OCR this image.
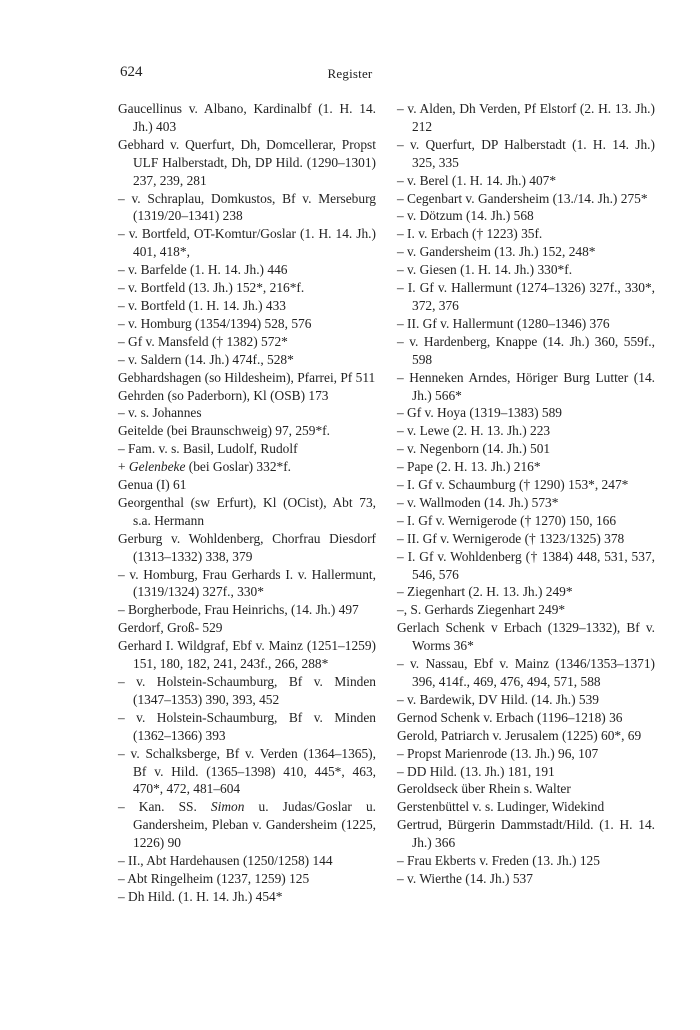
624	Register

Gaucellinus v. Albano, Kardinalbf (1. H. 14. Jh.) 403

Gebhard v. Querfurt, Dh, Domcellerar, Propst ULF Halberstadt, Dh, DP Hild. (1290–1301) 237, 239, 281

– v. Schraplau, Domkustos, Bf v. Merseburg (1319/20–1341) 238

– v. Bortfeld, OT-Komtur/Goslar (1. H. 14. Jh.) 401, 418*,

– v. Barfelde (1. H. 14. Jh.) 446

– v. Bortfeld (13. Jh.) 152*, 216*f.

– v. Bortfeld (1. H. 14. Jh.) 433

– v. Homburg (1354/1394) 528, 576

– Gf v. Mansfeld († 1382) 572*

– v. Saldern (14. Jh.) 474f., 528*

Gebhardshagen (so Hildesheim), Pfarrei, Pf 511

Gehrden (so Paderborn), Kl (OSB) 173

– v. s. Johannes

Geitelde (bei Braunschweig) 97, 259*f.

– Fam. v. s. Basil, Ludolf, Rudolf

+ Gelenbeke (bei Goslar) 332*f.

Genua (I) 61

Georgenthal (sw Erfurt), Kl (OCist), Abt 73, s.a. Hermann

Gerburg v. Wohldenberg, Chorfrau Diesdorf (1313–1332) 338, 379

– v. Homburg, Frau Gerhards I. v. Hallermunt, (1319/1324) 327f., 330*

– Borgherbode, Frau Heinrichs, (14. Jh.) 497

Gerdorf, Groß- 529

Gerhard I. Wildgraf, Ebf v. Mainz (1251–1259) 151, 180, 182, 241, 243f., 266, 288*

– v. Holstein-Schaumburg, Bf v. Minden (1347–1353) 390, 393, 452

– v. Holstein-Schaumburg, Bf v. Minden (1362–1366) 393

– v. Schalksberge, Bf v. Verden (1364–1365), Bf v. Hild. (1365–1398) 410, 445*, 463, 470*, 472, 481–604

– Kan. SS. Simon u. Judas/Goslar u. Gandersheim, Pleban v. Gandersheim (1225, 1226) 90

– II., Abt Hardehausen (1250/1258) 144

– Abt Ringelheim (1237, 1259) 125

– Dh Hild. (1. H. 14. Jh.) 454*

– v. Alden, Dh Verden, Pf Elstorf (2. H. 13. Jh.) 212

– v. Querfurt, DP Halberstadt (1. H. 14. Jh.) 325, 335

– v. Berel (1. H. 14. Jh.) 407*

– Cegenbart v. Gandersheim (13./14. Jh.) 275*

– v. Dötzum (14. Jh.) 568

– I. v. Erbach († 1223) 35f.

– v. Gandersheim (13. Jh.) 152, 248*

– v. Giesen (1. H. 14. Jh.) 330*f.

– I. Gf v. Hallermunt (1274–1326) 327f., 330*, 372, 376

– II. Gf v. Hallermunt (1280–1346) 376

– v. Hardenberg, Knappe (14. Jh.) 360, 559f., 598

– Henneken Arndes, Höriger Burg Lutter (14. Jh.) 566*

– Gf v. Hoya (1319–1383) 589

– v. Lewe (2. H. 13. Jh.) 223

– v. Negenborn (14. Jh.) 501

– Pape (2. H. 13. Jh.) 216*

– I. Gf v. Schaumburg († 1290) 153*, 247*

– v. Wallmoden (14. Jh.) 573*

– I. Gf v. Wernigerode († 1270) 150, 166

– II. Gf v. Wernigerode († 1323/1325) 378

– I. Gf v. Wohldenberg († 1384) 448, 531, 537, 546, 576

– Ziegenhart (2. H. 13. Jh.) 249*

–, S. Gerhards Ziegenhart 249*

Gerlach Schenk v Erbach (1329–1332), Bf v. Worms 36*

– v. Nassau, Ebf v. Mainz (1346/1353–1371) 396, 414f., 469, 476, 494, 571, 588

– v. Bardewik, DV Hild. (14. Jh.) 539

Gernod Schenk v. Erbach (1196–1218) 36

Gerold, Patriarch v. Jerusalem (1225) 60*, 69

– Propst Marienrode (13. Jh.) 96, 107

– DD Hild. (13. Jh.) 181, 191

Geroldseck über Rhein s. Walter

Gerstenbüttel v. s. Ludinger, Widekind

Gertrud, Bürgerin Dammstadt/Hild. (1. H. 14. Jh.) 366

– Frau Ekberts v. Freden (13. Jh.) 125

– v. Wierthe (14. Jh.) 537
